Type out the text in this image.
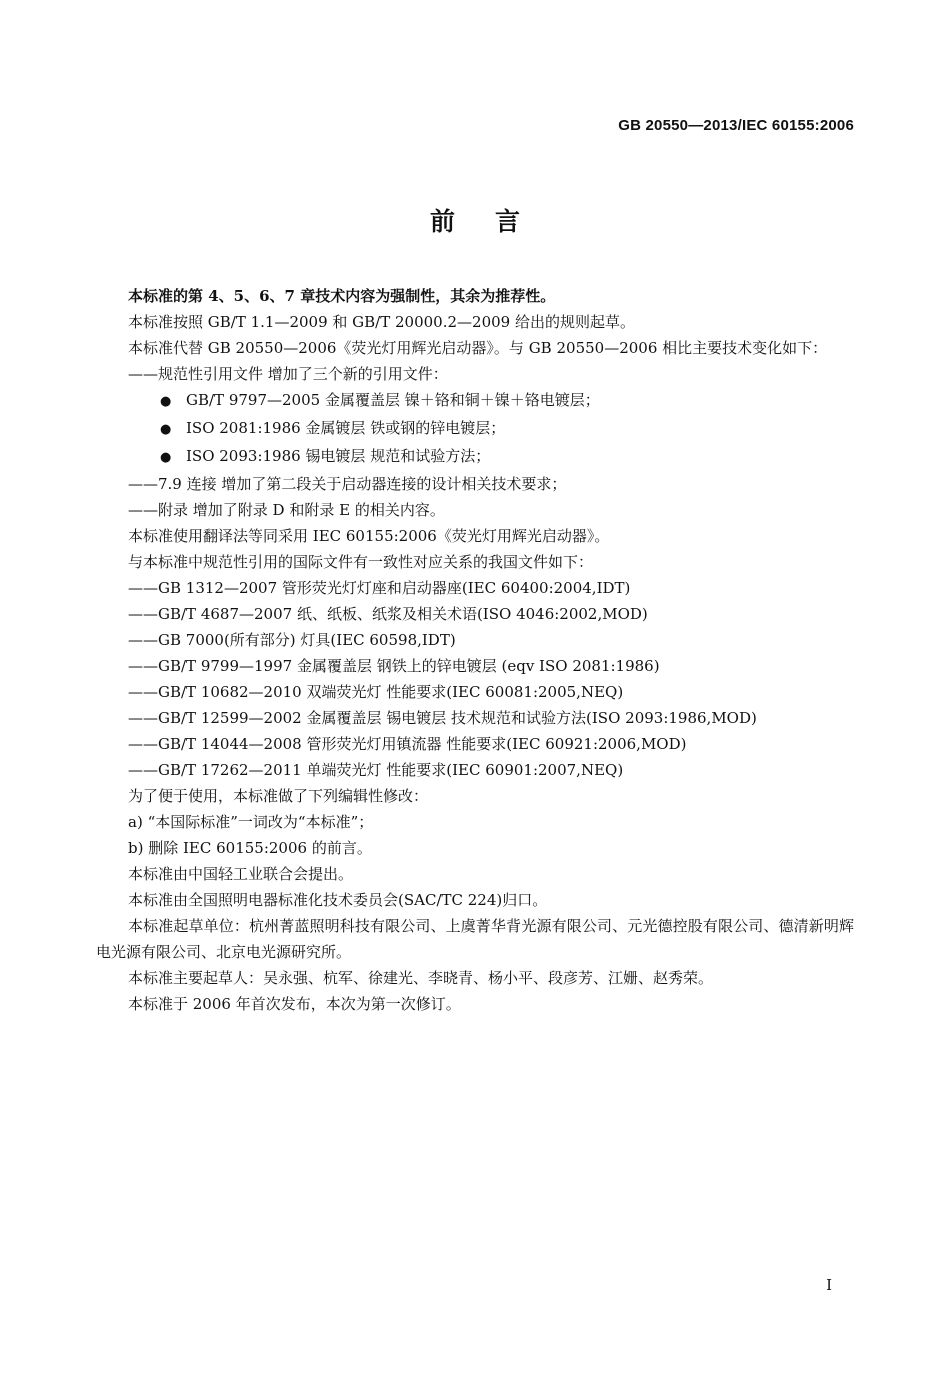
GB 20550—2013/IEC 60155:2006
前言
本标准的第 4、5、6、7 章技术内容为强制性，其余为推荐性。
本标准按照 GB/T 1.1—2009 和 GB/T 20000.2—2009 给出的规则起草。
本标准代替 GB 20550—2006《荧光灯用辉光启动器》。与 GB 20550—2006 相比主要技术变化如下：
——规范性引用文件 增加了三个新的引用文件：
● GB/T 9797—2005 金属覆盖层 镍＋铬和铜＋镍＋铬电镀层；
● ISO 2081:1986 金属镀层 铁或钢的锌电镀层；
● ISO 2093:1986 锡电镀层 规范和试验方法；
——7.9 连接 增加了第二段关于启动器连接的设计相关技术要求；
——附录 增加了附录 D 和附录 E 的相关内容。
本标准使用翻译法等同采用 IEC 60155:2006《荧光灯用辉光启动器》。
与本标准中规范性引用的国际文件有一致性对应关系的我国文件如下：
——GB 1312—2007 管形荧光灯灯座和启动器座(IEC 60400:2004,IDT)
——GB/T 4687—2007 纸、纸板、纸浆及相关术语(ISO 4046:2002,MOD)
——GB 7000(所有部分) 灯具(IEC 60598,IDT)
——GB/T 9799—1997 金属覆盖层 钢铁上的锌电镀层 (eqv ISO 2081:1986)
——GB/T 10682—2010 双端荧光灯 性能要求(IEC 60081:2005,NEQ)
——GB/T 12599—2002 金属覆盖层 锡电镀层 技术规范和试验方法(ISO 2093:1986,MOD)
——GB/T 14044—2008 管形荧光灯用镇流器 性能要求(IEC 60921:2006,MOD)
——GB/T 17262—2011 单端荧光灯 性能要求(IEC 60901:2007,NEQ)
为了便于使用，本标准做了下列编辑性修改：
a) “本国际标准”一词改为“本标准”；
b) 删除 IEC 60155:2006 的前言。
本标准由中国轻工业联合会提出。
本标准由全国照明电器标准化技术委员会(SAC/TC 224)归口。
本标准起草单位：杭州菁蓝照明科技有限公司、上虞菁华背光源有限公司、元光德控股有限公司、德清新明辉电光源有限公司、北京电光源研究所。
本标准主要起草人：吴永强、杭军、徐建光、李晓青、杨小平、段彦芳、江姗、赵秀荣。
本标准于 2006 年首次发布，本次为第一次修订。
I
